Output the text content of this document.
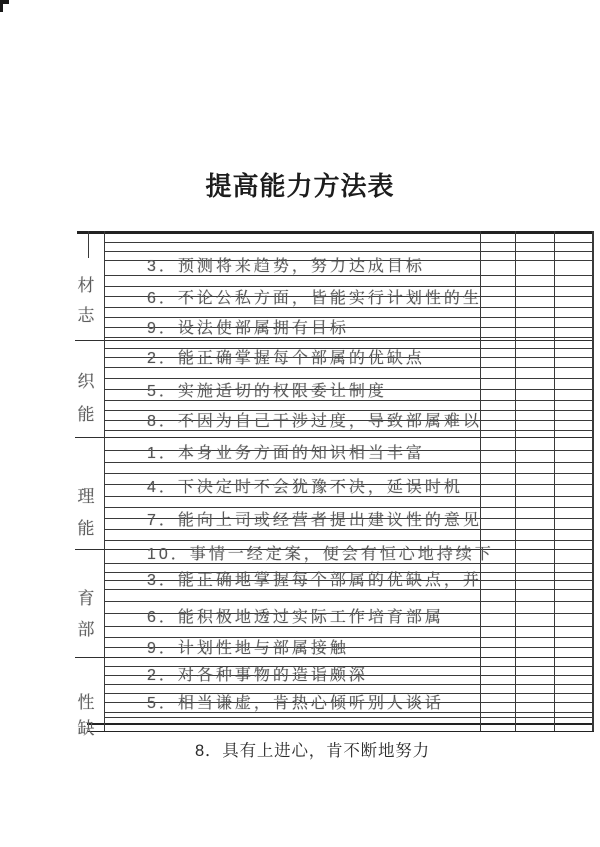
提高能力方法表
材
志
3．预测将来趋势，努力达成目标
6．不论公私方面，皆能实行计划性的生
9．设法使部属拥有目标
织
能
2．能正确掌握每个部属的优缺点
5．实施适切的权限委让制度
8．不因为自己干涉过度，导致部属难以
理
能
1．本身业务方面的知识相当丰富
4．下决定时不会犹豫不决，延误时机
7．能向上司或经营者提出建议性的意见
10．事情一经定案，便会有恒心地持续下
育
部
3．能正确地掌握每个部属的优缺点，并
6．能积极地透过实际工作培育部属
9．计划性地与部属接触
性
缺
2．对各种事物的造诣颇深
5．相当谦虚，肯热心倾听别人谈话
8．具有上进心，肯不断地努力
